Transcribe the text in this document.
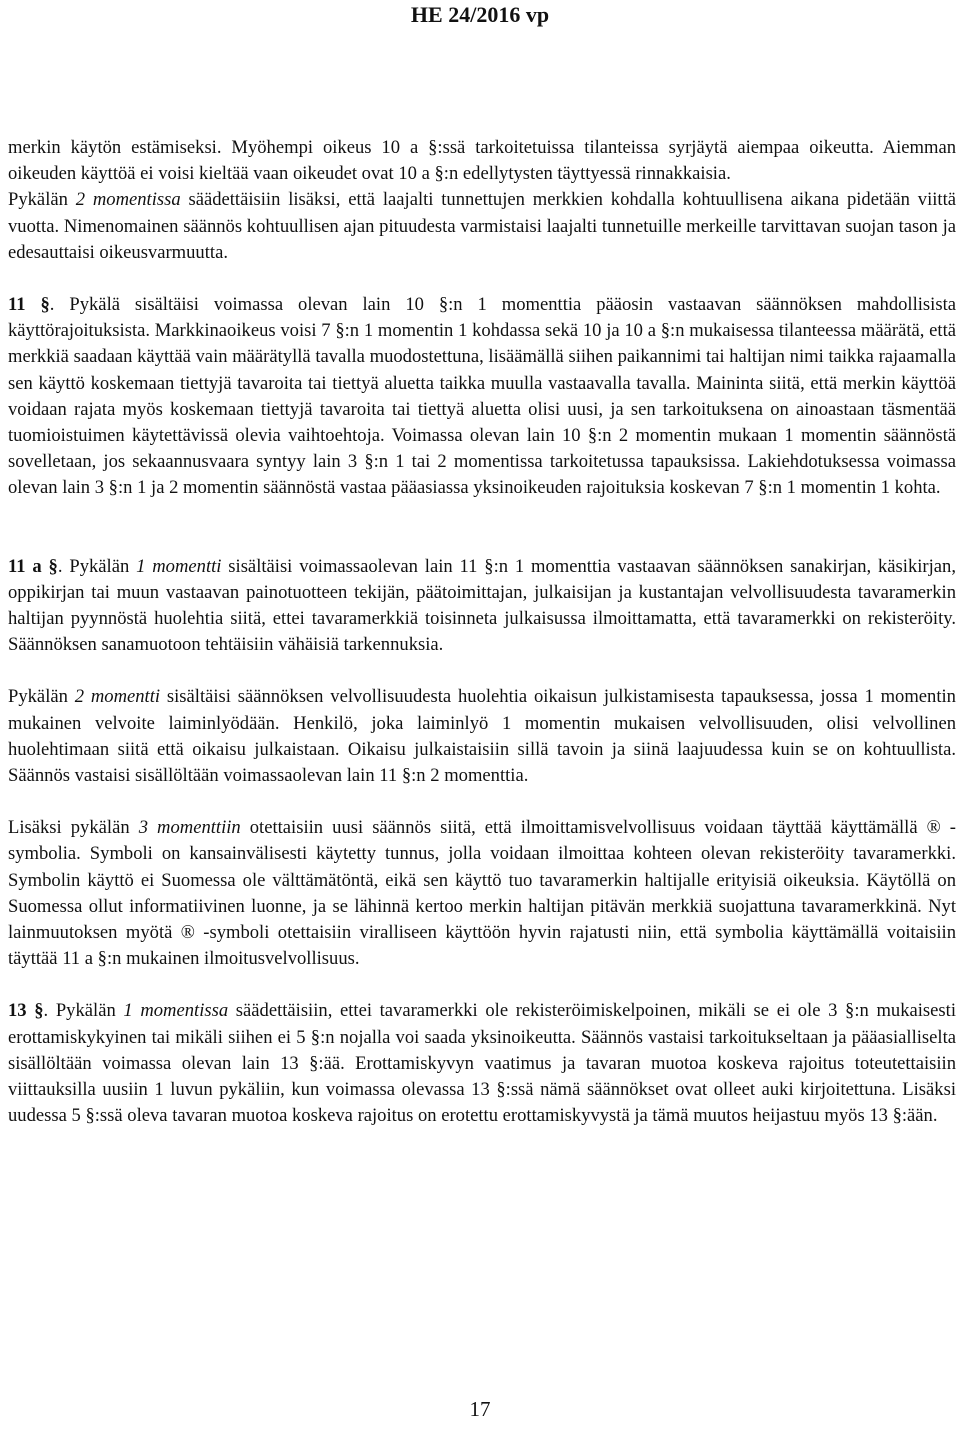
HE 24/2016 vp

merkin käytön estämiseksi. Myöhempi oikeus 10 a §:ssä tarkoitetuissa tilanteissa syrjäytä aiempaa oikeutta. Aiemman oikeuden käyttöä ei voisi kieltää vaan oikeudet ovat 10 a §:n edellytysten täyttyessä rinnakkaisia.

Pykälän 2 momentissa säädettäisiin lisäksi, että laajalti tunnettujen merkkien kohdalla kohtuullisena aikana pidetään viittä vuotta. Nimenomainen säännös kohtuullisen ajan pituudesta varmistaisi laajalti tunnetuille merkeille tarvittavan suojan tason ja edesauttaisi oikeusvarmuutta.

11 §. Pykälä sisältäisi voimassa olevan lain 10 §:n 1 momenttia pääosin vastaavan säännöksen mahdollisista käyttörajoituksista. Markkinaoikeus voisi 7 §:n 1 momentin 1 kohdassa sekä 10 ja 10 a §:n mukaisessa tilanteessa määrätä, että merkkiä saadaan käyttää vain määrätyllä tavalla muodostettuna, lisäämällä siihen paikannimi tai haltijan nimi taikka rajaamalla sen käyttö koskemaan tiettyjä tavaroita tai tiettyä aluetta taikka muulla vastaavalla tavalla. Maininta siitä, että merkin käyttöä voidaan rajata myös koskemaan tiettyjä tavaroita tai tiettyä aluetta olisi uusi, ja sen tarkoituksena on ainoastaan täsmentää tuomioistuimen käytettävissä olevia vaihtoehtoja. Voimassa olevan lain 10 §:n 2 momentin mukaan 1 momentin säännöstä sovelletaan, jos sekaannusvaara syntyy lain 3 §:n 1 tai 2 momentissa tarkoitetussa tapauksissa. Lakiehdotuksessa voimassa olevan lain 3 §:n 1 ja 2 momentin säännöstä vastaa pääasiassa yksinoikeuden rajoituksia koskevan 7 §:n 1 momentin 1 kohta.

11 a §. Pykälän 1 momentti sisältäisi voimassaolevan lain 11 §:n 1 momenttia vastaavan säännöksen sanakirjan, käsikirjan, oppikirjan tai muun vastaavan painotuotteen tekijän, päätoimittajan, julkaisijan ja kustantajan velvollisuudesta tavaramerkin haltijan pyynnöstä huolehtia siitä, ettei tavaramerkkiä toisinneta julkaisussa ilmoittamatta, että tavaramerkki on rekisteröity. Säännöksen sanamuotoon tehtäisiin vähäisiä tarkennuksia.

Pykälän 2 momentti sisältäisi säännöksen velvollisuudesta huolehtia oikaisun julkistamisesta tapauksessa, jossa 1 momentin mukainen velvoite laiminlyödään. Henkilö, joka laiminlyö 1 momentin mukaisen velvollisuuden, olisi velvollinen huolehtimaan siitä että oikaisu julkaistaan. Oikaisu julkaistaisiin sillä tavoin ja siinä laajuudessa kuin se on kohtuullista. Säännös vastaisi sisällöltään voimassaolevan lain 11 §:n 2 momenttia.

Lisäksi pykälän 3 momenttiin otettaisiin uusi säännös siitä, että ilmoittamisvelvollisuus voidaan täyttää käyttämällä ® -symbolia. Symboli on kansainvälisesti käytetty tunnus, jolla voidaan ilmoittaa kohteen olevan rekisteröity tavaramerkki. Symbolin käyttö ei Suomessa ole välttämätöntä, eikä sen käyttö tuo tavaramerkin haltijalle erityisiä oikeuksia. Käytöllä on Suomessa ollut informatiivinen luonne, ja se lähinnä kertoo merkin haltijan pitävän merkkiä suojattuna tavaramerkkinä. Nyt lainmuutoksen myötä ® -symboli otettaisiin viralliseen käyttöön hyvin rajatusti niin, että symbolia käyttämällä voitaisiin täyttää 11 a §:n mukainen ilmoitusvelvollisuus.

13 §. Pykälän 1 momentissa säädettäisiin, ettei tavaramerkki ole rekisteröimiskelpoinen, mikäli se ei ole 3 §:n mukaisesti erottamiskykyinen tai mikäli siihen ei 5 §:n nojalla voi saada yksinoikeutta. Säännös vastaisi tarkoitukseltaan ja pääasialliselta sisällöltään voimassa olevan lain 13 §:ää. Erottamiskyvyn vaatimus ja tavaran muotoa koskeva rajoitus toteutettaisiin viittauksilla uusiin 1 luvun pykäliin, kun voimassa olevassa 13 §:ssä nämä säännökset ovat olleet auki kirjoitettuna. Lisäksi uudessa 5 §:ssä oleva tavaran muotoa koskeva rajoitus on erotettu erottamiskyvystä ja tämä muutos heijastuu myös 13 §:ään.

17
